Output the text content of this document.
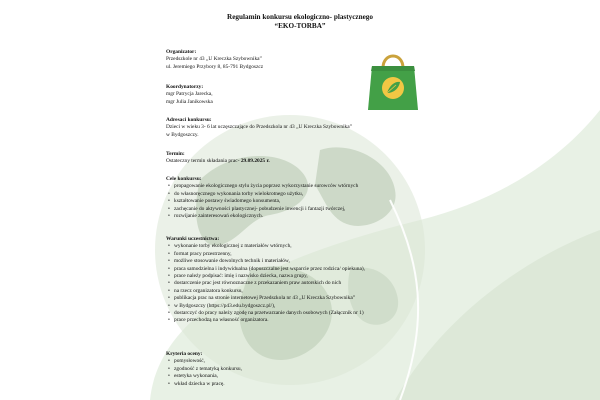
Regulamin konkursu ekologiczno- plastycznego
“EKO-TORBA”
Organizator:
Przedszkole nr 43 „U Kreczka Szybownika”
ul. Jeremiego Przybory 8, 85-791 Bydgoszcz
Koordynatorzy:
mgr Patrycja Jarecka,
mgr Julia Janikowska
Adresaci konkursu:
Dzieci w wieku 3- 6 lat uczęszczające do Przedszkola nr 43 „U Kreczka Szybownika”
w Bydgoszczy.
Termin:
Ostateczny termin składania prac- 29.09.2025 r.
Cele konkursu:
• propagowanie ekologicznego stylu życia poprzez wykorzystanie surowców wtórnych
• do własnoręcznego wykonania torby wielokrotnego użytku,
• kształtowanie postawy świadomego konsumenta,
• zachęcanie do aktywności plastycznej- pobudzenie inwencji i fantazji twórczej,
• rozwijanie zainteresowań ekologicznych.
Warunki uczestnictwa:
• wykonanie torby ekologicznej z materiałów wtórnych,
• format pracy przestrzenny,
• możliwe stosowanie dowolnych technik i materiałów,
• praca samodzielna i indywidualna (dopuszczalne jest wsparcie przez rodzica/ opiekuna),
• prace należy podpisać: imię i nazwisko dziecka, nazwa grupy,
• dostarczenie prac jest równoznaczne z przekazaniem praw autorskich do nich
• na rzecz organizatora konkursu,
• publikacja prac na stronie internetowej Przedszkola nr 43 „U Kreczka Szybownika”
• w Bydgoszczy (https://p43.edu.bydgoszcz.pl/),
• dostarczyć do pracy należy zgodę na przetwarzanie danych osobowych (Załącznik nr 1)
• prace przechodzą na własność organizatora.
Kryteria oceny:
• pomysłowość,
• zgodność z tematyką konkursu,
• estetyka wykonania,
• wkład dziecka w pracę.
